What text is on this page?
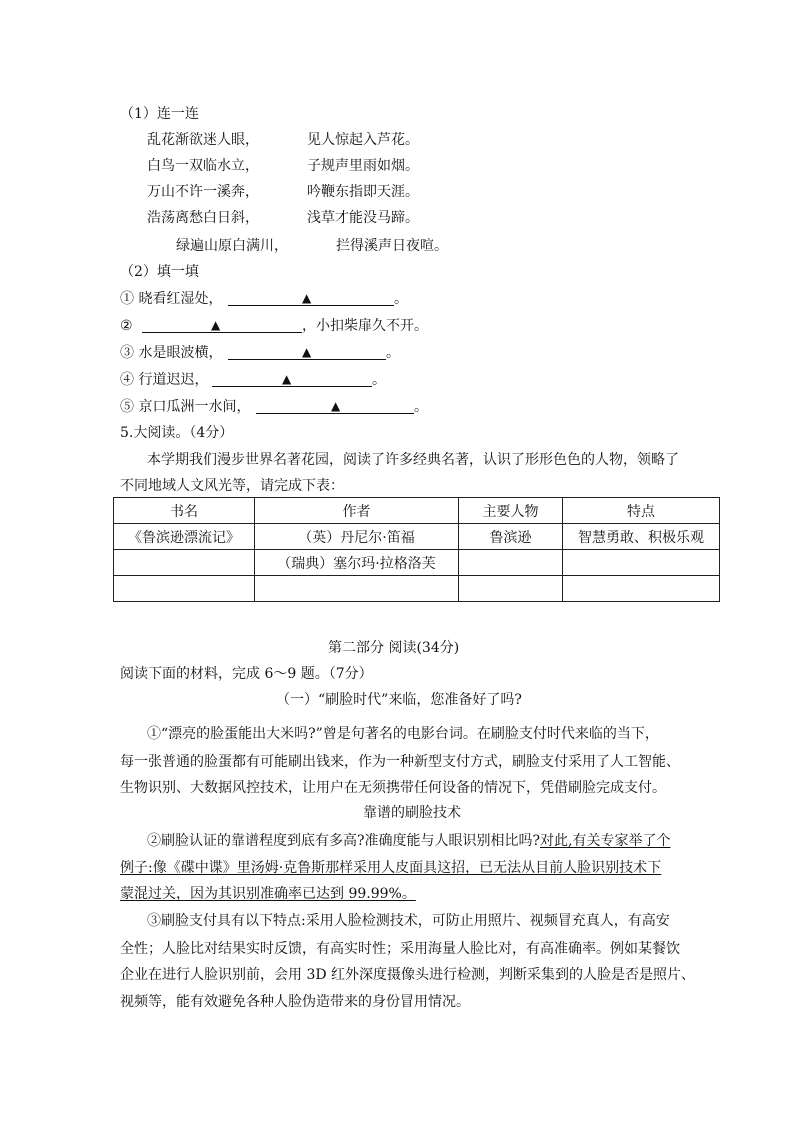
（1）连一连
乱花渐欲迷人眼，	见人惊起入芦花。
白鸟一双临水立，	子规声里雨如烟。
万山不许一溪奔，	吟鞭东指即天涯。
浩荡离愁白日斜，	浅草才能没马蹄。
绿遍山原白满川，	拦得溪声日夜喧。
（2）填一填
① 晓看红湿处，	▲	。
②	▲	，小扣柴扉久不开。
③ 水是眼波横，	▲	。
④ 行道迟迟，	▲	。
⑤ 京口瓜洲一水间，	▲	。
5.大阅读。（4分）
本学期我们漫步世界名著花园，阅读了许多经典名著，认识了形形色色的人物，领略了
不同地域人文风光等，请完成下表：
书名	作者	主要人物	特点
《鲁滨逊漂流记》	（英）丹尼尔·笛福	鲁滨逊	智慧勇敢、积极乐观
	（瑞典）塞尔玛·拉格洛芙		

第二部分 阅读(34分)
阅读下面的材料，完成 6～9 题。（7分）
（一）“刷脸时代”来临，您准备好了吗?
①“漂亮的脸蛋能出大米吗?”曾是句著名的电影台词。在刷脸支付时代来临的当下，
每一张普通的脸蛋都有可能刷出钱来，作为一种新型支付方式，刷脸支付采用了人工智能、
生物识别、大数据风控技术，让用户在无须携带任何设备的情况下，凭借刷脸完成支付。
靠谱的刷脸技术
②刷脸认证的靠谱程度到底有多高?准确度能与人眼识别相比吗?对此,有关专家举了个
例子:像《碟中谍》里汤姆·克鲁斯那样采用人皮面具这招，已无法从目前人脸识别技术下
蒙混过关，因为其识别准确率已达到 99.99%。
③刷脸支付具有以下特点:采用人脸检测技术，可防止用照片、视频冒充真人，有高安
全性；人脸比对结果实时反馈，有高实时性；采用海量人脸比对，有高准确率。例如某餐饮
企业在进行人脸识别前，会用 3D 红外深度摄像头进行检测，判断采集到的人脸是否是照片、
视频等，能有效避免各种人脸伪造带来的身份冒用情况。
